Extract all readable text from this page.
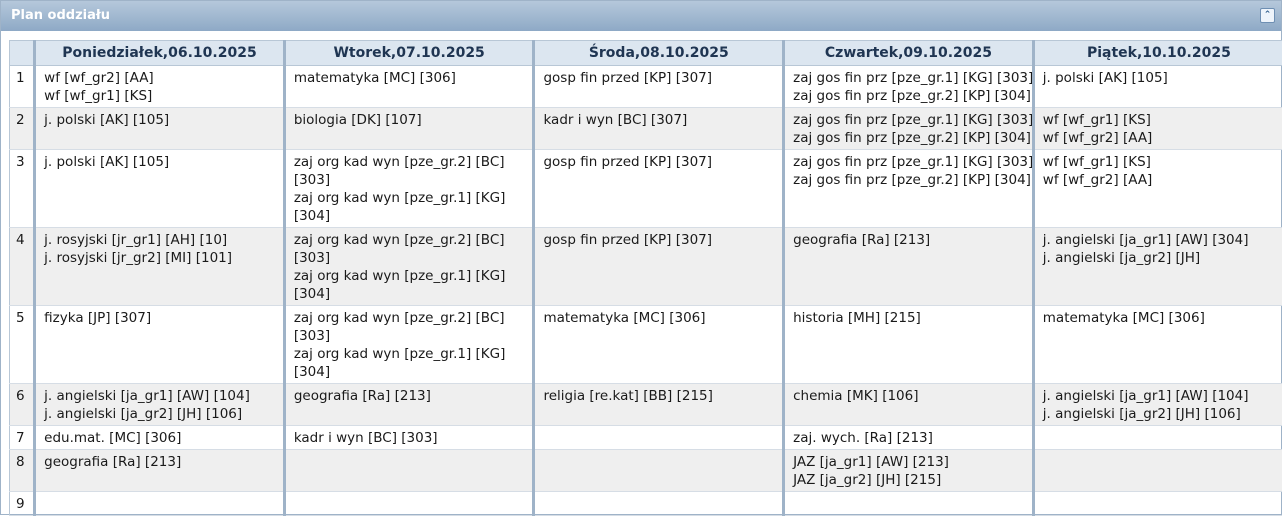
Plan oddziału	⌃
	Poniedziałek,06.10.2025	Wtorek,07.10.2025	Środa,08.10.2025	Czwartek,09.10.2025	Piątek,10.10.2025
1	wf [wf_gr2] [AA]
wf [wf_gr1] [KS]	matematyka [MC] [306]	gosp fin przed [KP] [307]	zaj gos fin prz [pze_gr.1] [KG] [303]
zaj gos fin prz [pze_gr.2] [KP] [304]	j. polski [AK] [105]

2	j. polski [AK] [105]	biologia [DK] [107]	kadr i wyn [BC] [307]	zaj gos fin prz [pze_gr.1] [KG] [303]
zaj gos fin prz [pze_gr.2] [KP] [304]	wf [wf_gr1] [KS]
wf [wf_gr2] [AA]

3	j. polski [AK] [105]	zaj org kad wyn [pze_gr.2] [BC]
[303]
zaj org kad wyn [pze_gr.1] [KG]
[304]	gosp fin przed [KP] [307]	zaj gos fin prz [pze_gr.1] [KG] [303]
zaj gos fin prz [pze_gr.2] [KP] [304]	wf [wf_gr1] [KS]
wf [wf_gr2] [AA]

4	j. rosyjski [jr_gr1] [AH] [10]
j. rosyjski [jr_gr2] [MI] [101]	zaj org kad wyn [pze_gr.2] [BC]
[303]
zaj org kad wyn [pze_gr.1] [KG]
[304]	gosp fin przed [KP] [307]	geografia [Ra] [213]	j. angielski [ja_gr1] [AW] [304]
j. angielski [ja_gr2] [JH]

5	fizyka [JP] [307]	zaj org kad wyn [pze_gr.2] [BC]
[303]
zaj org kad wyn [pze_gr.1] [KG]
[304]	matematyka [MC] [306]	historia [MH] [215]	matematyka [MC] [306]

6	j. angielski [ja_gr1] [AW] [104]
j. angielski [ja_gr2] [JH] [106]	geografia [Ra] [213]	religia [re.kat] [BB] [215]	chemia [MK] [106]	j. angielski [ja_gr1] [AW] [104]
j. angielski [ja_gr2] [JH] [106]

7	edu.mat. [MC] [306]	kadr i wyn [BC] [303]		zaj. wych. [Ra] [213]	

8	geografia [Ra] [213]			JAZ [ja_gr1] [AW] [213]
JAZ [ja_gr2] [JH] [215]	

9					
